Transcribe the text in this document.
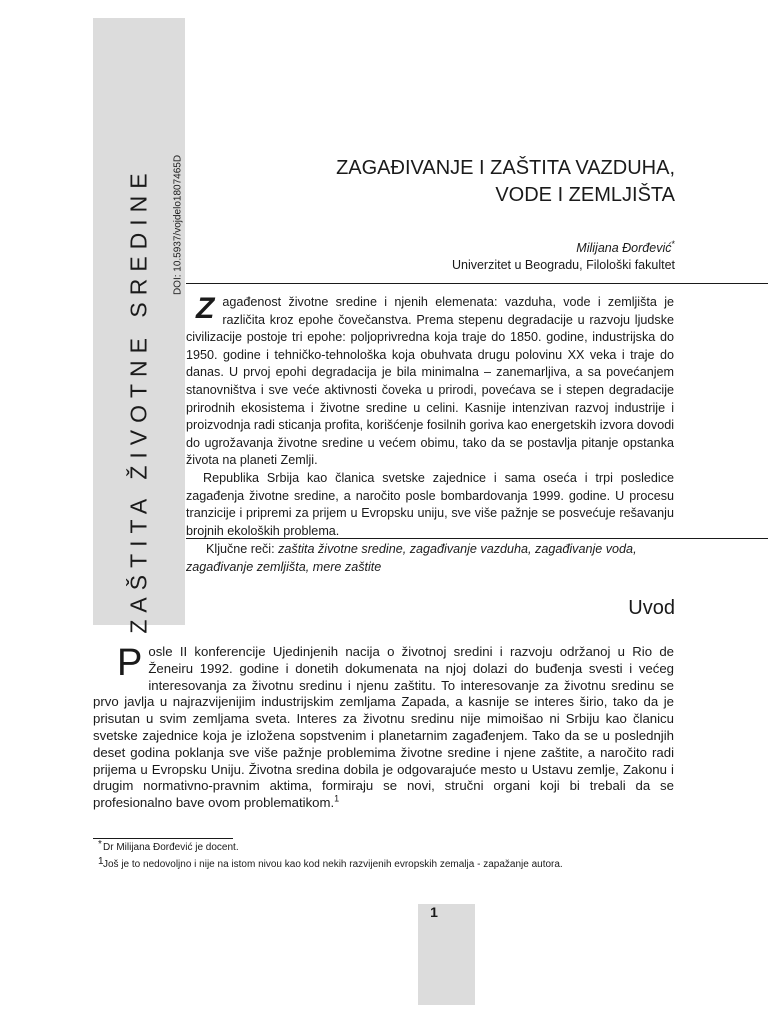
ZAŠTITA ŽIVOTNE SREDINE DOI: 10.5937/vojdelo1807465D	ZAGAĐIVANJE I ZAŠTITA VAZDUHA,
VODE I ZEMLJIŠTA
Milijana Đorđević*
Univerzitet u Beogradu, Filološki fakultet

Z agađenost životne sredine i njenih elemenata: vazduha, vode i zemljišta je različita kroz epohe čovečanstva. Prema stepenu degradacije u razvoju ljudske civilizacije postoje tri epohe: poljoprivredna koja traje do 1850. godine, industrijska do 1950. godine i tehničko-tehnološka koja obuhvata drugu polovinu XX veka i traje do danas. U prvoj epohi degradacija je bila minimalna – zanemarljiva, a sa povećanjem stanovništva i sve veće aktivnosti čoveka u prirodi, povećava se i stepen degradacije prirodnih ekosistema i životne sredine u celini. Kasnije intenzivan razvoj industrije i proizvodnja radi sticanja profita, korišćenje fosilnih goriva kao energetskih izvora dovodi do ugrožavanja životne sredine u većem obimu, tako da se postavlja pitanje opstanka života na planeti Zemlji.

Republika Srbija kao članica svetske zajednice i sama oseća i trpi posledice zagađenja životne sredine, a naročito posle bombardovanja 1999. godine. U procesu tranzicije i pripremi za prijem u Evropsku uniju, sve više pažnje se posvećuje rešavanju brojnih ekoloških problema.

Ključne reči: zaštita životne sredine, zagađivanje vazduha, zagađivanje voda, zagađivanje zemljišta, mere zaštite
Uvod

P osle II konferencije Ujedinjenih nacija o životnoj sredini i razvoju održanoj u Rio de Ženeiru 1992. godine i donetih dokumenata na njoj dolazi do buđenja svesti i većeg interesovanja za životnu sredinu i njenu zaštitu. To interesovanje za životnu sredinu se prvo javlja u najrazvijenijim industrijskim zemljama Zapada, a kasnije se interes širio, tako da je prisutan u svim zemljama sveta. Interes za životnu sredinu nije mimoišao ni Srbiju kao članicu svetske zajednice koja je izložena sopstvenim i planetarnim zagađenjem. Tako da se u poslednjih deset godina poklanja sve više pažnje problemima životne sredine i njene zaštite, a naročito radi prijema u Evropsku Uniju. Životna sredina dobila je odgovarajuće mesto u Ustavu zemlje, Zakonu i drugim normativno-pravnim aktima, formiraju se novi, stručni organi koji bi trebali da se profesionalno bave ovom problematikom.$^1$

* Dr Milijana Đorđević je docent.
1 Još je to nedovoljno i nije na istom nivou kao kod nekih razvijenih evropskih zemalja - zapažanje autora.
1
